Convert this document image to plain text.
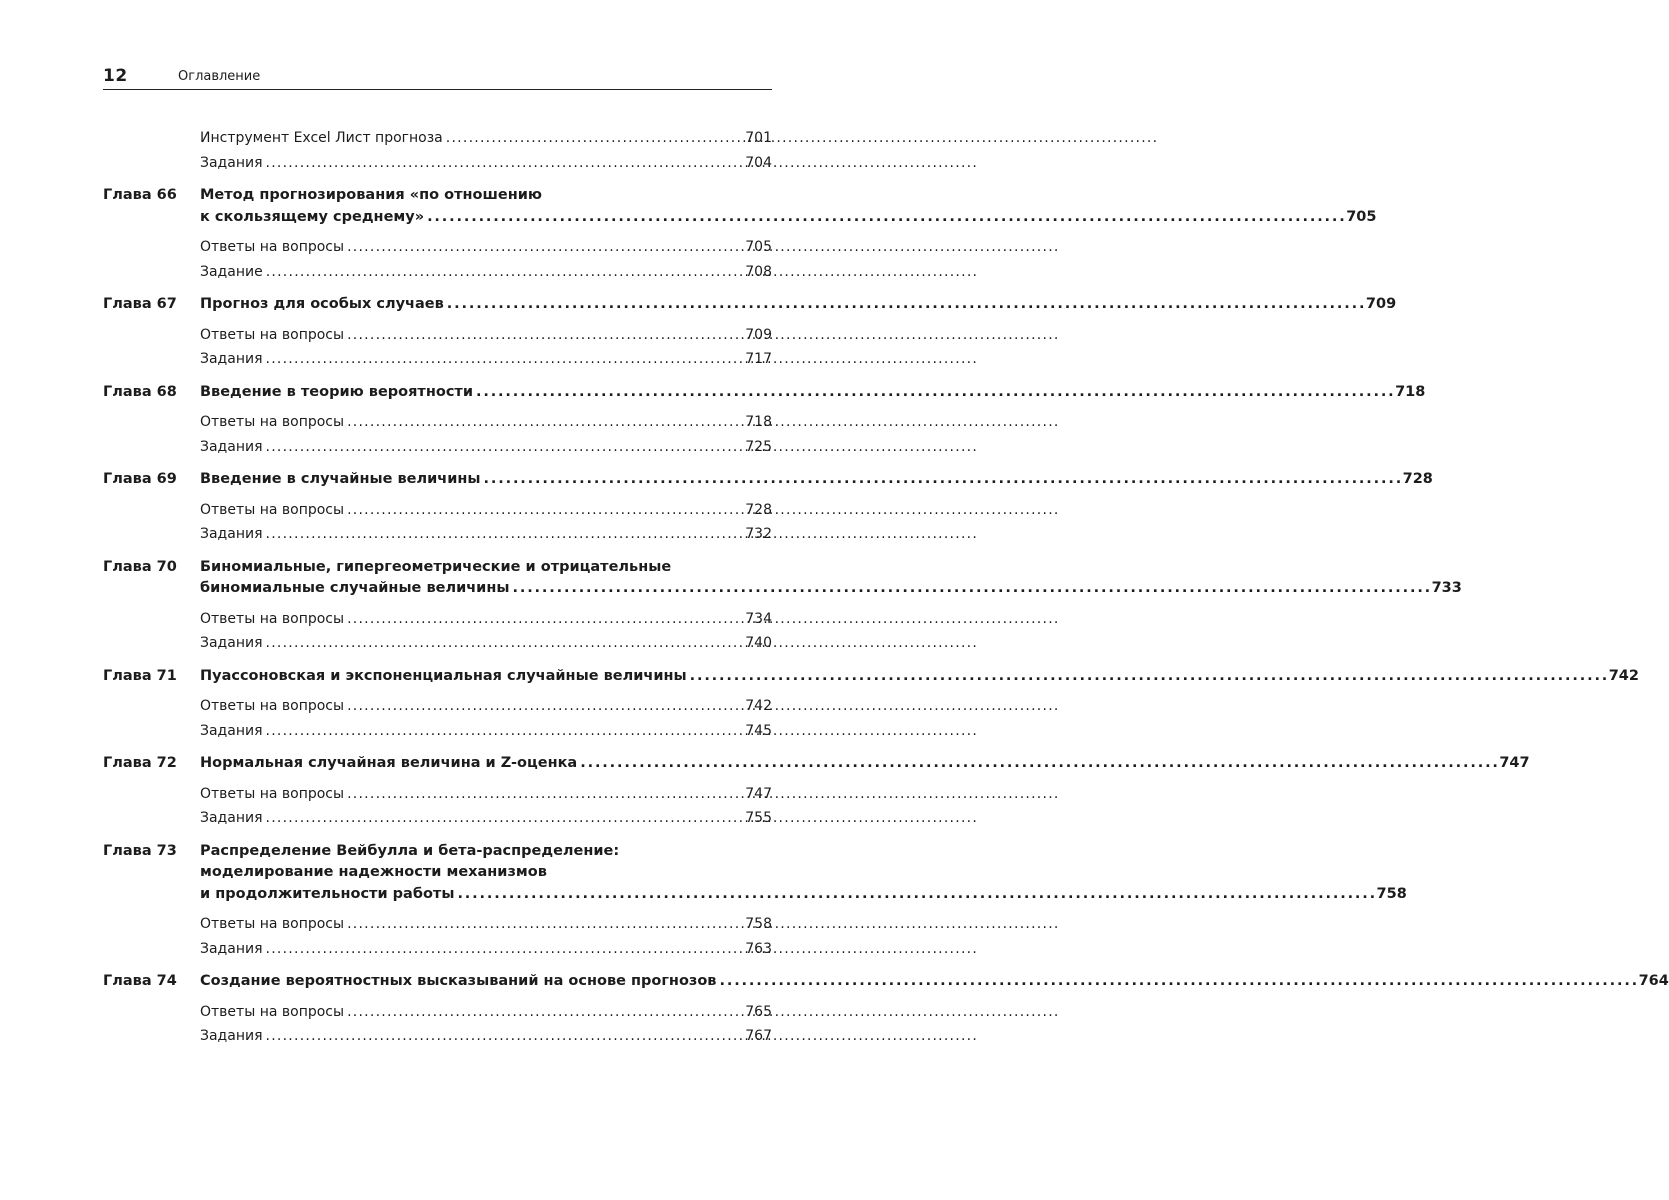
12	Оглавление
Инструмент Excel Лист прогноза . . .	701
Задания . . .	704
Глава 66	Метод прогнозирования «по отношению
к скользящему среднему» . . .	705
Ответы на вопросы . . .	705
Задание . . .	708
Глава 67	Прогноз для особых случаев . . .	709
Ответы на вопросы . . .	709
Задания . . .	717
Глава 68	Введение в теорию вероятности . . .	718
Ответы на вопросы . . .	718
Задания . . .	725
Глава 69	Введение в случайные величины . . .	728
Ответы на вопросы . . .	728
Задания . . .	732
Глава 70	Биномиальные, гипергеометрические и отрицательные
биномиальные случайные величины . . .	733
Ответы на вопросы . . .	734
Задания . . .	740
Глава 71	Пуассоновская и экспоненциальная случайные величины . . .	742
Ответы на вопросы . . .	742
Задания . . .	745
Глава 72	Нормальная случайная величина и Z-оценка . . .	747
Ответы на вопросы . . .	747
Задания . . .	755
Глава 73	Распределение Вейбулла и бета-распределение:
моделирование надежности механизмов
и продолжительности работы . . .	758
Ответы на вопросы . . .	758
Задания . . .	763
Глава 74	Создание вероятностных высказываний на основе прогнозов . . .	764
Ответы на вопросы . . .	765
Задания . . .	767
